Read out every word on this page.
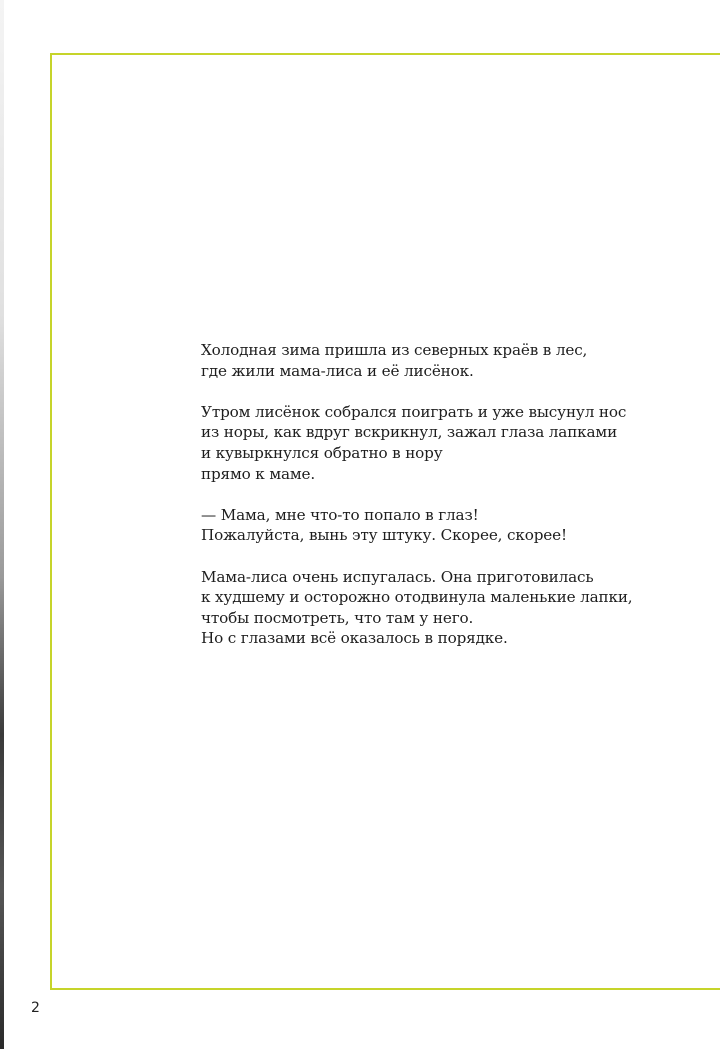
Холодная зима пришла из северных краёв в лес,
где жили мама-лиса и её лисёнок.

Утром лисёнок собрался поиграть и уже высунул нос
из норы, как вдруг вскрикнул, зажал глаза лапками
и кувыркнулся обратно в нору
прямо к маме.

— Мама, мне что-то попало в глаз!
Пожалуйста, вынь эту штуку. Скорее, скорее!

Мама-лиса очень испугалась. Она приготовилась
к худшему и осторожно отодвинула маленькие лапки,
чтобы посмотреть, что там у него.
Но с глазами всё оказалось в порядке.

2
